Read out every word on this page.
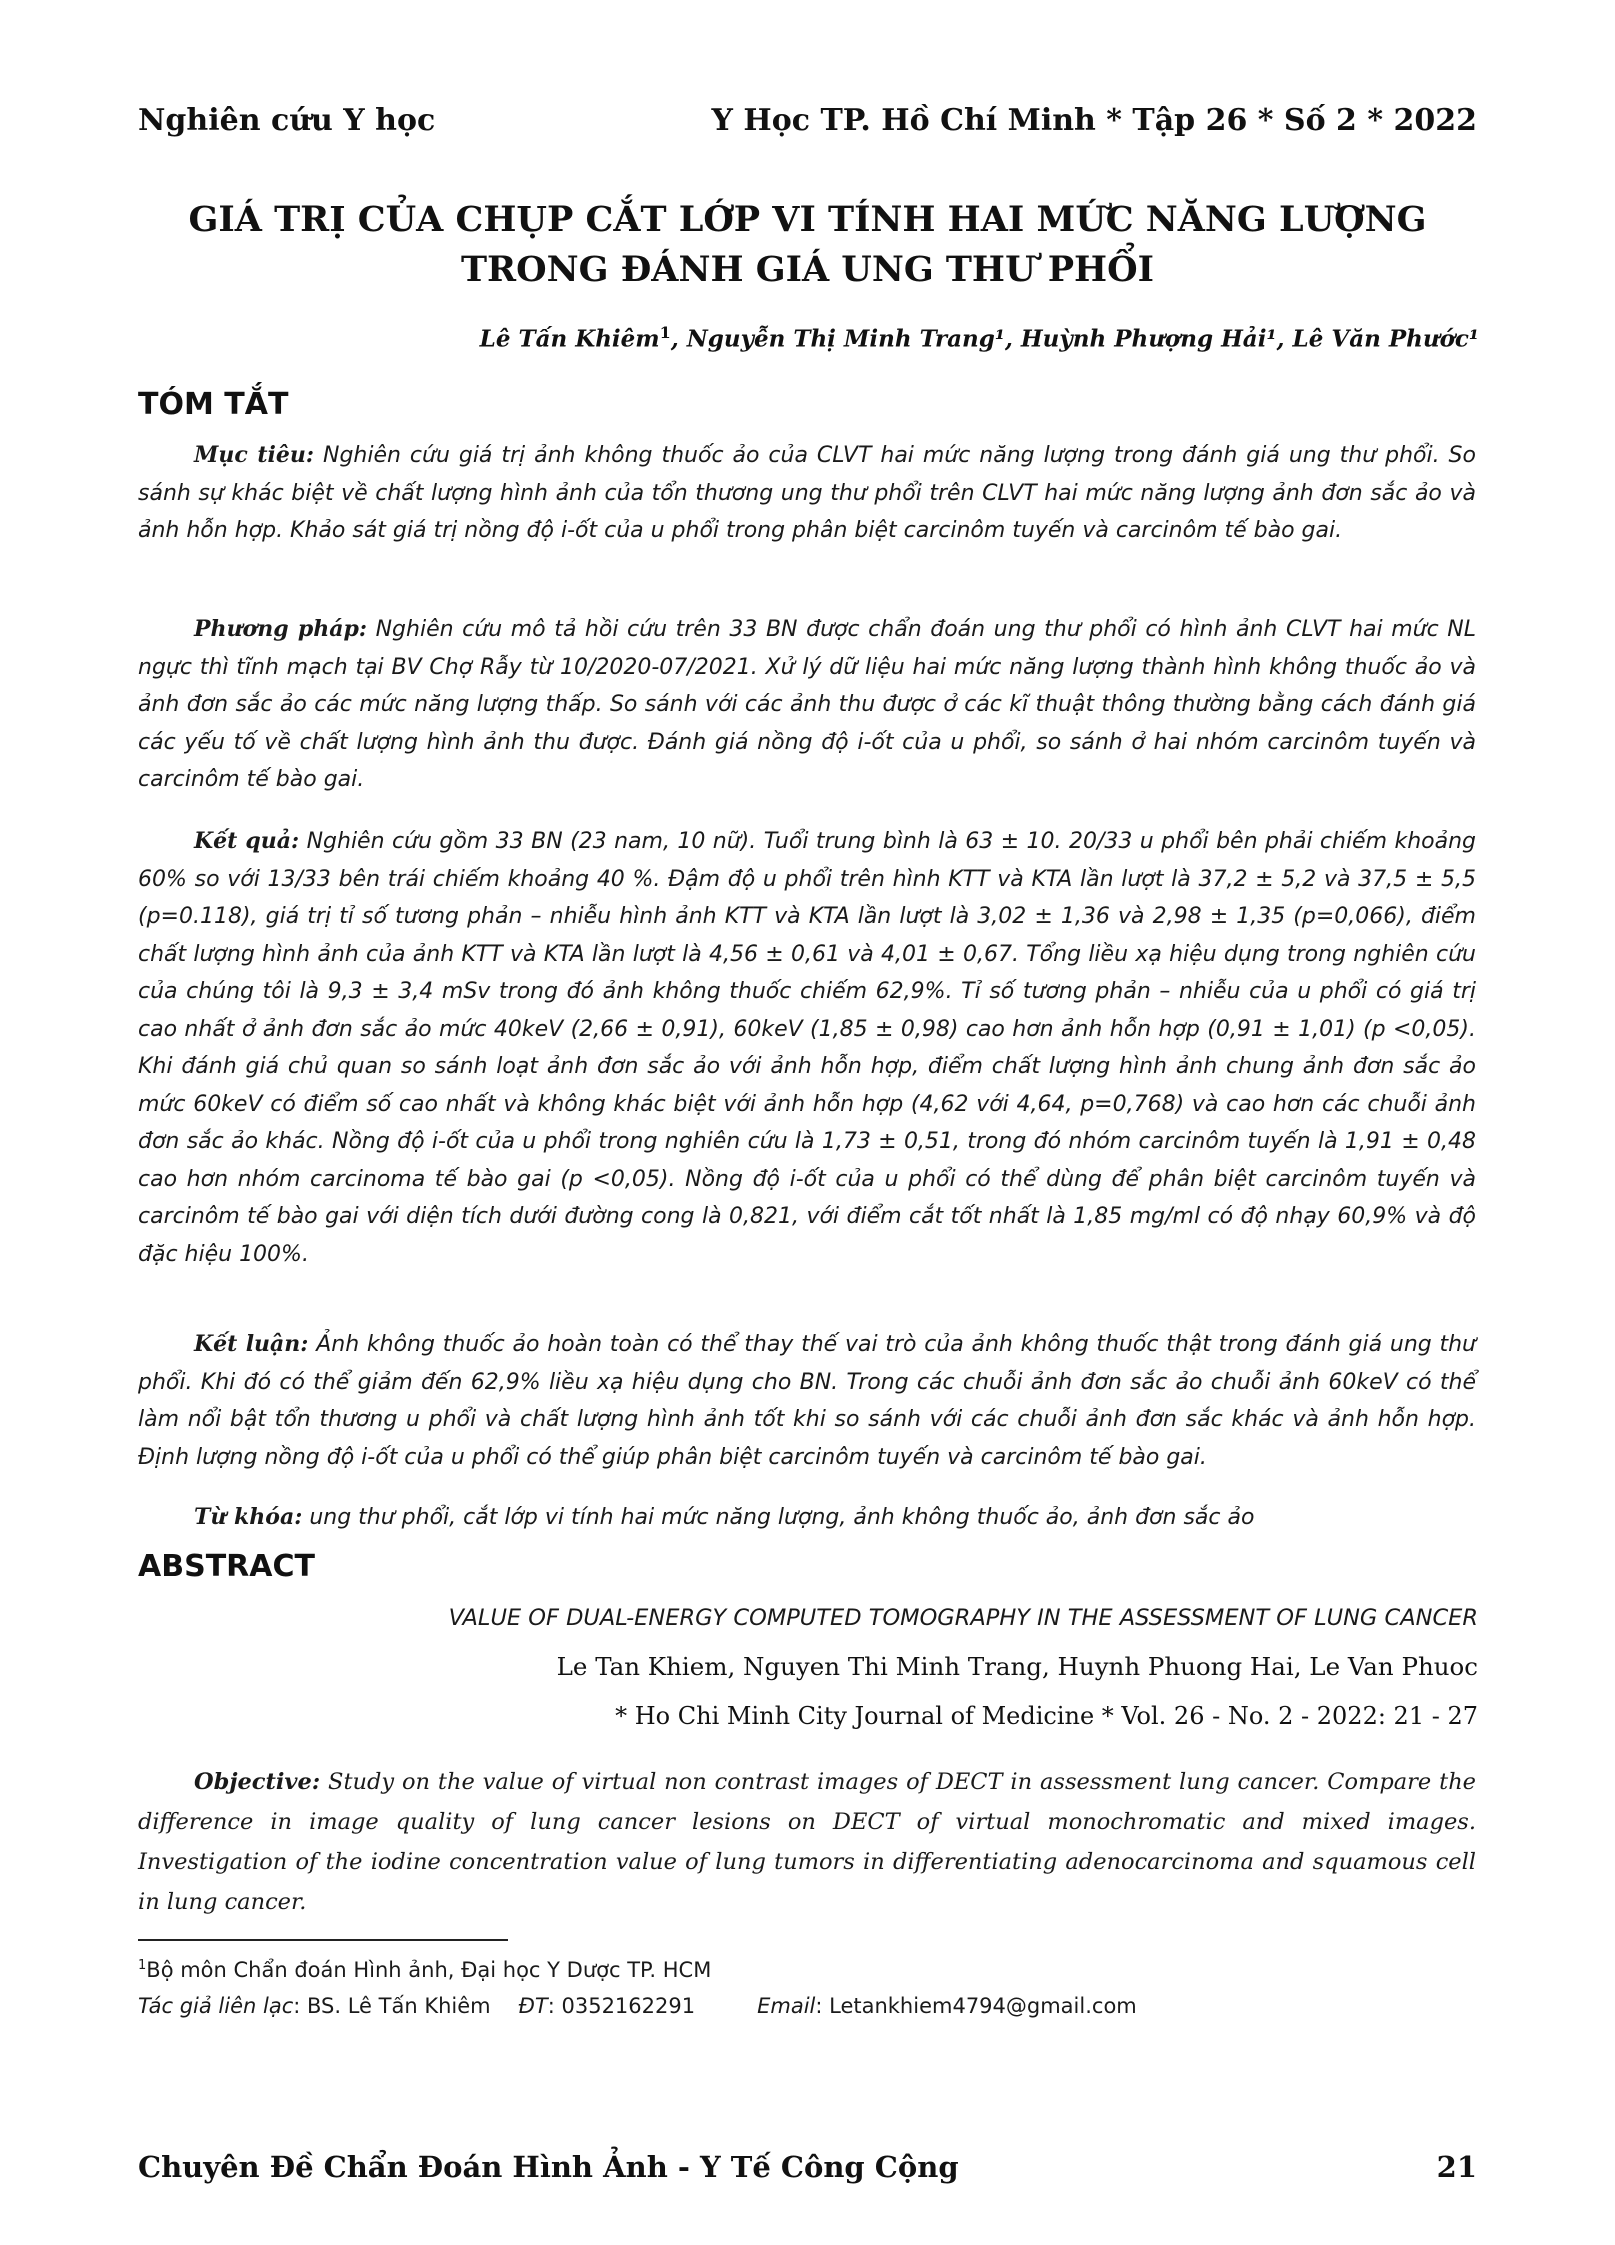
Nghiên cứu Y học	Y Học TP. Hồ Chí Minh * Tập 26 * Số 2 * 2022
GIÁ TRỊ CỦA CHỤP CẮT LỚP VI TÍNH HAI MỨC NĂNG LƯỢNG
TRONG ĐÁNH GIÁ UNG THƯ PHỔI
Lê Tấn Khiêm$^1$, Nguyễn Thị Minh Trang¹, Huỳnh Phượng Hải¹, Lê Văn Phước¹
TÓM TẮT
Mục tiêu: Nghiên cứu giá trị ảnh không thuốc ảo của CLVT hai mức năng lượng trong đánh giá ung thư phổi. So sánh sự khác biệt về chất lượng hình ảnh của tổn thương ung thư phổi trên CLVT hai mức năng lượng ảnh đơn sắc ảo và ảnh hỗn hợp. Khảo sát giá trị nồng độ i-ốt của u phổi trong phân biệt carcinôm tuyến và carcinôm tế bào gai.
Phương pháp: Nghiên cứu mô tả hồi cứu trên 33 BN được chẩn đoán ung thư phổi có hình ảnh CLVT hai mức NL ngực thì tĩnh mạch tại BV Chợ Rẫy từ 10/2020-07/2021. Xử lý dữ liệu hai mức năng lượng thành hình không thuốc ảo và ảnh đơn sắc ảo các mức năng lượng thấp. So sánh với các ảnh thu được ở các kĩ thuật thông thường bằng cách đánh giá các yếu tố về chất lượng hình ảnh thu được. Đánh giá nồng độ i-ốt của u phổi, so sánh ở hai nhóm carcinôm tuyến và carcinôm tế bào gai.
Kết quả: Nghiên cứu gồm 33 BN (23 nam, 10 nữ). Tuổi trung bình là 63 ± 10. 20/33 u phổi bên phải chiếm khoảng 60% so với 13/33 bên trái chiếm khoảng 40 %. Đậm độ u phổi trên hình KTT và KTA lần lượt là 37,2 ± 5,2 và 37,5 ± 5,5 (p=0.118), giá trị tỉ số tương phản – nhiễu hình ảnh KTT và KTA lần lượt là 3,02 ± 1,36 và 2,98 ± 1,35 (p=0,066), điểm chất lượng hình ảnh của ảnh KTT và KTA lần lượt là 4,56 ± 0,61 và 4,01 ± 0,67. Tổng liều xạ hiệu dụng trong nghiên cứu của chúng tôi là 9,3 ± 3,4 mSv trong đó ảnh không thuốc chiếm 62,9%. Tỉ số tương phản – nhiễu của u phổi có giá trị cao nhất ở ảnh đơn sắc ảo mức 40keV (2,66 ± 0,91), 60keV (1,85 ± 0,98) cao hơn ảnh hỗn hợp (0,91 ± 1,01) (p <0,05). Khi đánh giá chủ quan so sánh loạt ảnh đơn sắc ảo với ảnh hỗn hợp, điểm chất lượng hình ảnh chung ảnh đơn sắc ảo mức 60keV có điểm số cao nhất và không khác biệt với ảnh hỗn hợp (4,62 với 4,64, p=0,768) và cao hơn các chuỗi ảnh đơn sắc ảo khác. Nồng độ i-ốt của u phổi trong nghiên cứu là 1,73 ± 0,51, trong đó nhóm carcinôm tuyến là 1,91 ± 0,48 cao hơn nhóm carcinoma tế bào gai (p <0,05). Nồng độ i-ốt của u phổi có thể dùng để phân biệt carcinôm tuyến và carcinôm tế bào gai với diện tích dưới đường cong là 0,821, với điểm cắt tốt nhất là 1,85 mg/ml có độ nhạy 60,9% và độ đặc hiệu 100%.
Kết luận: Ảnh không thuốc ảo hoàn toàn có thể thay thế vai trò của ảnh không thuốc thật trong đánh giá ung thư phổi. Khi đó có thể giảm đến 62,9% liều xạ hiệu dụng cho BN. Trong các chuỗi ảnh đơn sắc ảo chuỗi ảnh 60keV có thể làm nổi bật tổn thương u phổi và chất lượng hình ảnh tốt khi so sánh với các chuỗi ảnh đơn sắc khác và ảnh hỗn hợp. Định lượng nồng độ i-ốt của u phổi có thể giúp phân biệt carcinôm tuyến và carcinôm tế bào gai.
Từ khóa: ung thư phổi, cắt lớp vi tính hai mức năng lượng, ảnh không thuốc ảo, ảnh đơn sắc ảo
ABSTRACT
VALUE OF DUAL-ENERGY COMPUTED TOMOGRAPHY IN THE ASSESSMENT OF LUNG CANCER
Le Tan Khiem, Nguyen Thi Minh Trang, Huynh Phuong Hai, Le Van Phuoc
* Ho Chi Minh City Journal of Medicine * Vol. 26 - No. 2 - 2022: 21 - 27
Objective: Study on the value of virtual non contrast images of DECT in assessment lung cancer. Compare the difference in image quality of lung cancer lesions on DECT of virtual monochromatic and mixed images. Investigation of the iodine concentration value of lung tumors in differentiating adenocarcinoma and squamous cell in lung cancer.
$^1$Bộ môn Chẩn đoán Hình ảnh, Đại học Y Dược TP. HCM
Tác giả liên lạc: BS. Lê Tấn Khiêm ĐT: 0352162291	Email: Letankhiem4794@gmail.com
Chuyên Đề Chẩn Đoán Hình Ảnh - Y Tế Công Cộng	21
